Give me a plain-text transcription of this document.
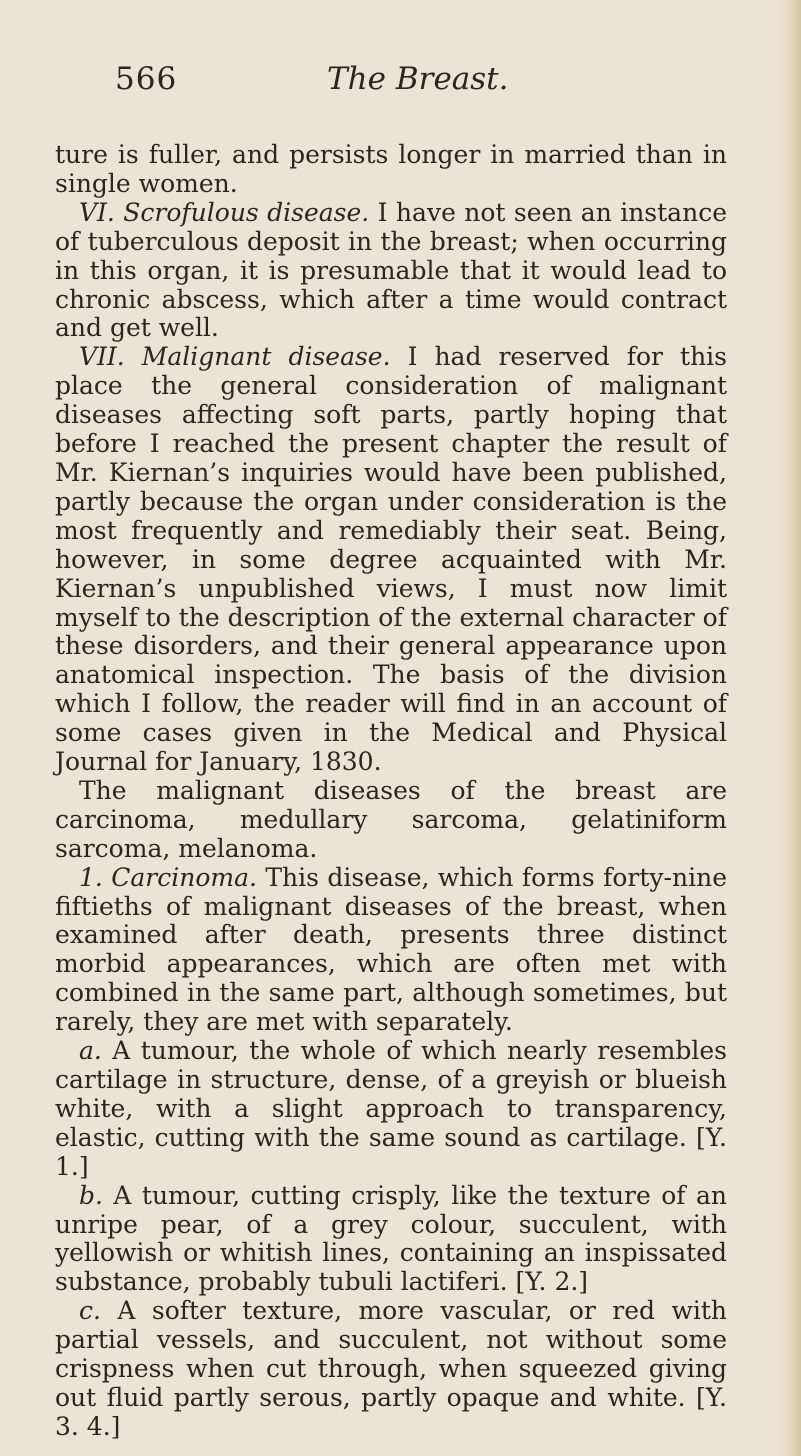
566	The Breast.

ture is fuller, and persists longer in married than in single women.

VI. Scrofulous disease. I have not seen an instance of tuberculous deposit in the breast; when occurring in this organ, it is presumable that it would lead to chronic abscess, which after a time would contract and get well.

VII. Malignant disease. I had reserved for this place the general consideration of malignant diseases affecting soft parts, partly hoping that before I reached the present chapter the result of Mr. Kiernan’s inquiries would have been published, partly because the organ under consideration is the most frequently and remediably their seat. Being, however, in some degree acquainted with Mr. Kiernan’s unpublished views, I must now limit myself to the description of the external character of these disorders, and their general appearance upon anatomical inspection. The basis of the division which I follow, the reader will find in an account of some cases given in the Medical and Physical Journal for January, 1830.

The malignant diseases of the breast are carcinoma, medullary sarcoma, gelatiniform sarcoma, melanoma.

1. Carcinoma. This disease, which forms forty-nine fiftieths of malignant diseases of the breast, when examined after death, presents three distinct morbid appearances, which are often met with combined in the same part, although sometimes, but rarely, they are met with separately.

a. A tumour, the whole of which nearly resembles cartilage in structure, dense, of a greyish or blueish white, with a slight approach to transparency, elastic, cutting with the same sound as cartilage. [Y. 1.]

b. A tumour, cutting crisply, like the texture of an unripe pear, of a grey colour, succulent, with yellowish or whitish lines, containing an inspissated substance, probably tubuli lactiferi. [Y. 2.]

c. A softer texture, more vascular, or red with partial vessels, and succulent, not without some crispness when cut through, when squeezed giving out fluid partly serous, partly opaque and white. [Y. 3. 4.]
